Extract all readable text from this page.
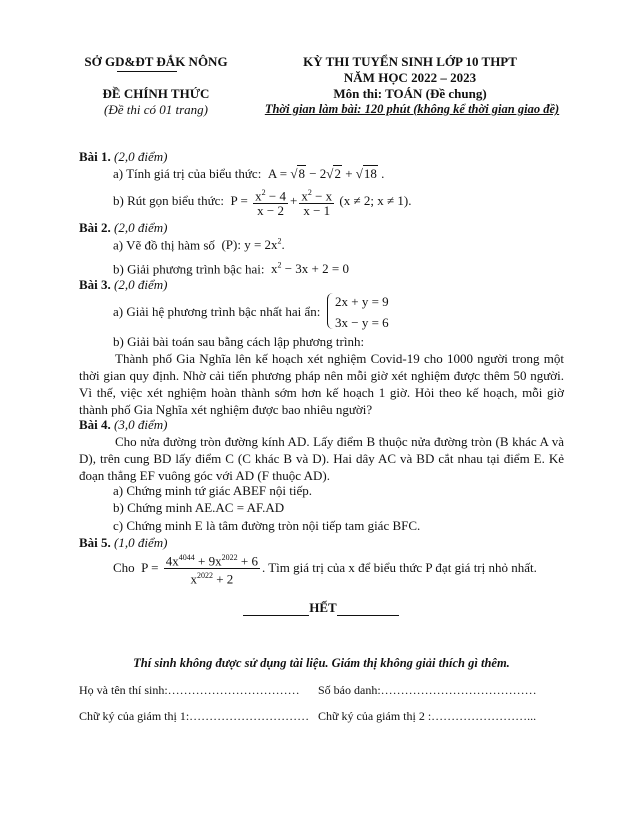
SỞ GD&ĐT ĐẮK NÔNG	KỲ THI TUYỂN SINH LỚP 10 THPT
NĂM HỌC 2022 – 2023
ĐỀ CHÍNH THỨC	Môn thi: TOÁN (Đề chung)
(Đề thi có 01 trang)	Thời gian làm bài: 120 phút (không kể thời gian giao đề)
Bài 1. (2,0 điểm)
a) Tính giá trị của biểu thức:  A = √8 − 2√2 + √18 .
b) Rút gọn biểu thức:  $P = \frac{x^2 - 4}{x - 2} + \frac{x^2 - x}{x - 1} (x \ne 2$; x ≠ 1).
Bài 2. (2,0 điểm)
a) Vẽ đồ thị hàm số  (P): $y = 2x^2$.
b) Giải phương trình bậc hai:  $x^2 - 3x + 2 = 0$
Bài 3. (2,0 điểm)
a) Giải hệ phương trình bậc nhất hai ẩn:
2x + y = 9
3x − y = 6
b) Giải bài toán sau bằng cách lập phương trình:
Thành phố Gia Nghĩa lên kế hoạch xét nghiệm Covid-19 cho 1000 người trong một thời gian quy định. Nhờ cải tiến phương pháp nên mỗi giờ xét nghiệm được thêm 50 người. Vì thế, việc xét nghiệm hoàn thành sớm hơn kế hoạch 1 giờ. Hỏi theo kế hoạch, mỗi giờ thành phố Gia Nghĩa xét nghiệm được bao nhiêu người?
Bài 4. (3,0 điểm)
Cho nửa đường tròn đường kính AD. Lấy điểm B thuộc nửa đường tròn (B khác A và D), trên cung BD lấy điểm C (C khác B và D). Hai dây AC và BD cắt nhau tại điểm E. Kẻ đoạn thẳng EF vuông góc với AD (F thuộc AD).
a) Chứng minh tứ giác ABEF nội tiếp.
b) Chứng minh AE.AC = AF.AD
c) Chứng minh E là tâm đường tròn nội tiếp tam giác BFC.
Bài 5. (1,0 điểm)
Cho  $P = \frac{4x^{4044} + 9x^{2022} + 6}{x^{2022} + 2}$ . Tìm giá trị của x để biểu thức P đạt giá trị nhỏ nhất.
HẾT
Thí sinh không được sử dụng tài liệu. Giám thị không giải thích gì thêm.
Họ và tên thí sinh:…………………………… Số báo danh:…………………………………
Chữ ký của giám thị 1:………………………… Chữ ký của giám thị 2 :……………………...
